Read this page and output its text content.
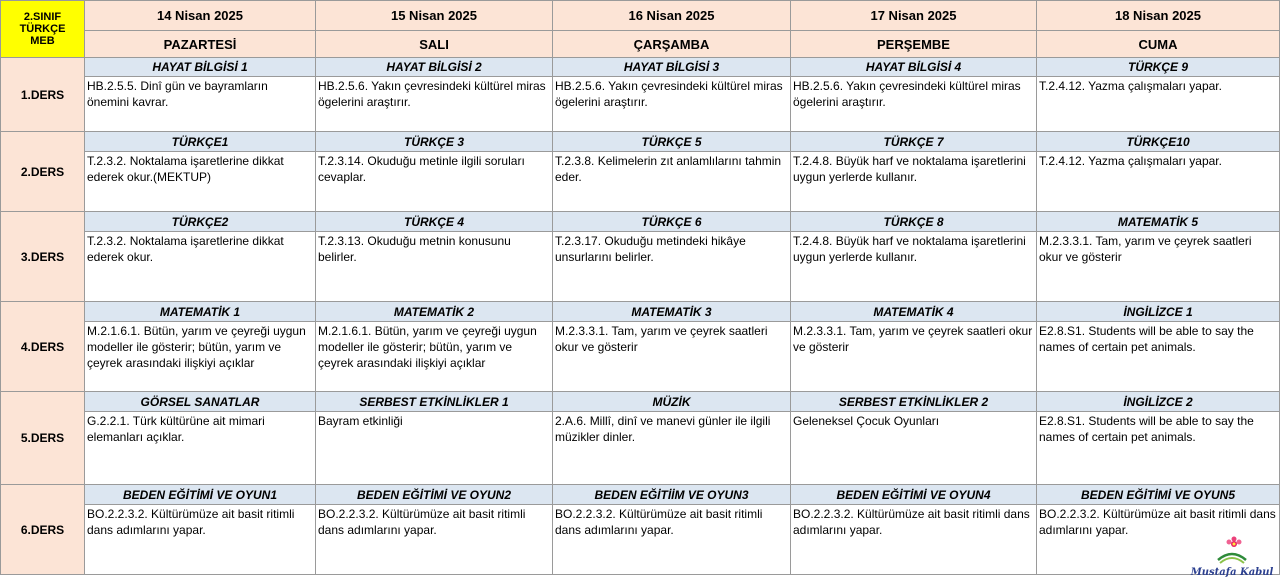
2.SINIF
TÜRKÇE
MEB	14 Nisan 2025	15 Nisan 2025	16 Nisan 2025	17 Nisan 2025	18 Nisan 2025
	PAZARTESİ	SALI	ÇARŞAMBA	PERŞEMBE	CUMA
1.DERS	HAYAT BİLGİSİ 1	HAYAT BİLGİSİ 2	HAYAT BİLGİSİ 3	HAYAT BİLGİSİ 4	TÜRKÇE 9
	HB.2.5.5. Dinî gün ve bayramların önemini kavrar.	HB.2.5.6. Yakın çevresindeki kültürel miras ögelerini araştırır.	HB.2.5.6. Yakın çevresindeki kültürel miras ögelerini araştırır.	HB.2.5.6. Yakın çevresindeki kültürel miras ögelerini araştırır.	T.2.4.12. Yazma çalışmaları yapar.
2.DERS	TÜRKÇE1	TÜRKÇE 3	TÜRKÇE 5	TÜRKÇE 7	TÜRKÇE10
	T.2.3.2. Noktalama işaretlerine dikkat ederek okur.(MEKTUP)	T.2.3.14. Okuduğu metinle ilgili soruları cevaplar.	T.2.3.8. Kelimelerin zıt anlamlılarını tahmin eder.	T.2.4.8. Büyük harf ve noktalama işaretlerini uygun yerlerde kullanır.	T.2.4.12. Yazma çalışmaları yapar.
3.DERS	TÜRKÇE2	TÜRKÇE 4	TÜRKÇE 6	TÜRKÇE 8	MATEMATİK 5
	T.2.3.2. Noktalama işaretlerine dikkat ederek okur.	T.2.3.13. Okuduğu metnin konusunu belirler.	T.2.3.17. Okuduğu metindeki hikâye unsurlarını belirler.	T.2.4.8. Büyük harf ve noktalama işaretlerini uygun yerlerde kullanır.	M.2.3.3.1. Tam, yarım ve çeyrek saatleri okur ve gösterir
4.DERS	MATEMATİK 1	MATEMATİK 2	MATEMATİK 3	MATEMATİK 4	İNGİLİZCE 1
	M.2.1.6.1. Bütün, yarım ve çeyreği uygun modeller ile gösterir; bütün, yarım ve çeyrek arasındaki ilişkiyi açıklar	M.2.1.6.1. Bütün, yarım ve çeyreği uygun modeller ile gösterir; bütün, yarım ve çeyrek arasındaki ilişkiyi açıklar	M.2.3.3.1. Tam, yarım ve çeyrek saatleri okur ve gösterir	M.2.3.3.1. Tam, yarım ve çeyrek saatleri okur ve gösterir	E2.8.S1. Students will be able to say the names of certain pet animals.
5.DERS	GÖRSEL SANATLAR	SERBEST ETKİNLİKLER 1	MÜZİK	SERBEST ETKİNLİKLER 2	İNGİLİZCE 2
	G.2.2.1. Türk kültürüne ait mimari elemanları açıklar.	Bayram etkinliği	2.A.6. Millî, dinî ve manevi günler ile ilgili müzikler dinler.	Geleneksel Çocuk Oyunları	E2.8.S1. Students will be able to say the names of certain pet animals.
6.DERS	BEDEN EĞİTİMİ VE OYUN1	BEDEN EĞİTİMİ VE OYUN2	BEDEN EĞİTİİM VE OYUN3	BEDEN EĞİTİMİ VE OYUN4	BEDEN EĞİTİMİ VE OYUN5
	BO.2.2.3.2. Kültürümüze ait basit ritimli dans adımlarını yapar.	BO.2.2.3.2. Kültürümüze ait basit ritimli dans adımlarını yapar.	BO.2.2.3.2. Kültürümüze ait basit ritimli dans adımlarını yapar.	BO.2.2.3.2. Kültürümüze ait basit ritimli dans adımlarını yapar.	BO.2.2.3.2. Kültürümüze ait basit ritimli dans adımlarını yapar.
Mustafa Kabul
